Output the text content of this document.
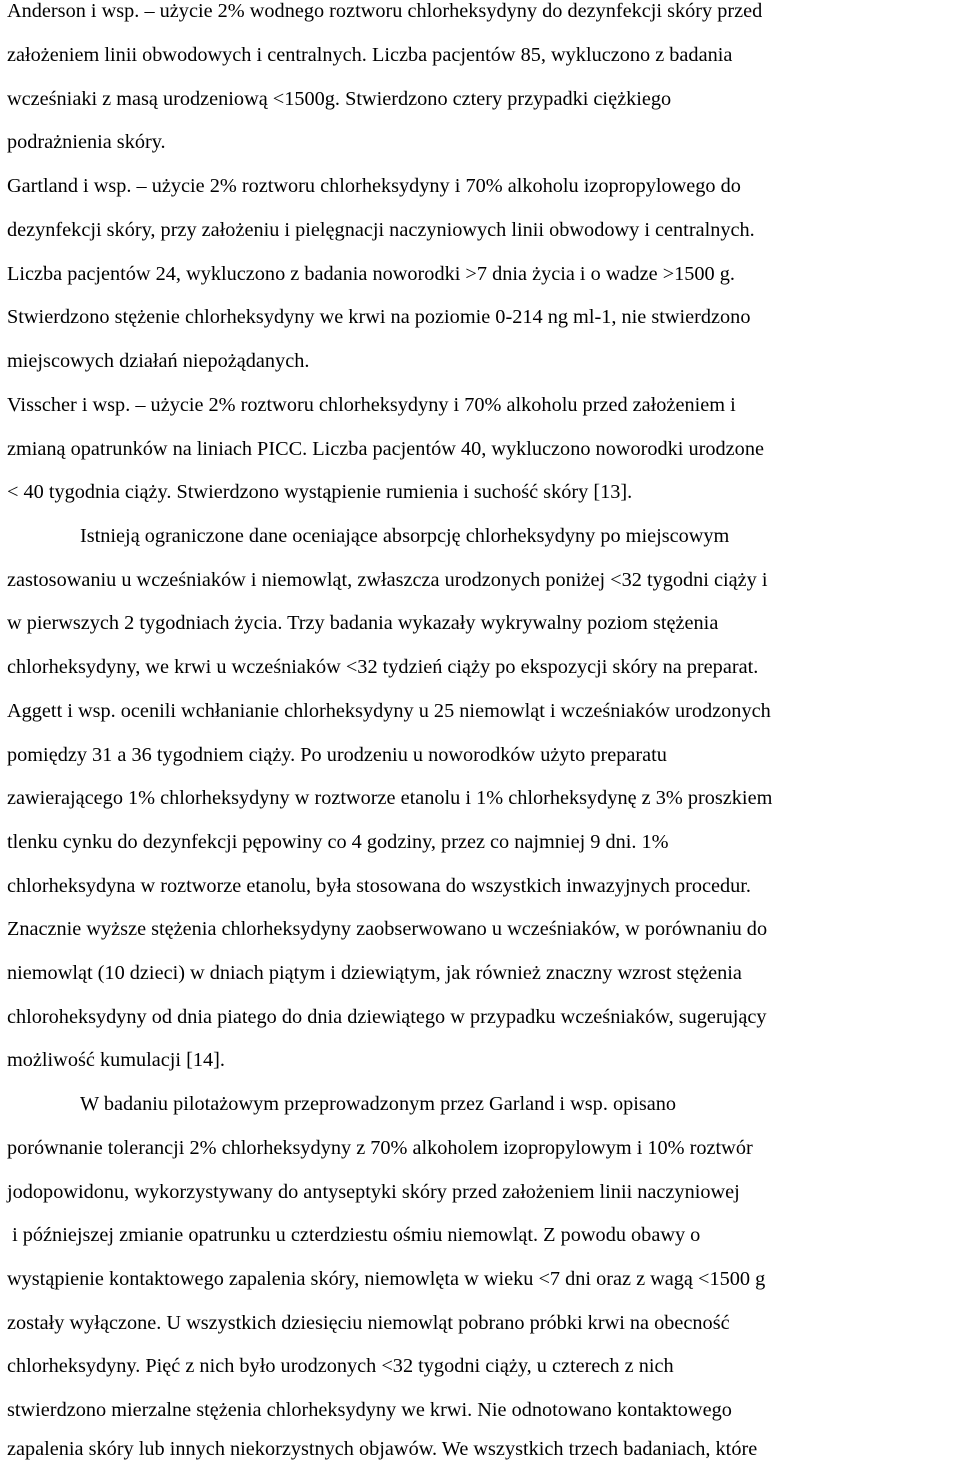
Anderson i wsp. – użycie 2% wodnego roztworu chlorheksydyny do dezynfekcji skóry przed

założeniem linii obwodowych i centralnych. Liczba pacjentów 85, wykluczono z badania

wcześniaki z masą urodzeniową <1500g. Stwierdzono cztery przypadki ciężkiego

podrażnienia skóry.

Gartland i wsp. – użycie 2% roztworu chlorheksydyny i 70% alkoholu izopropylowego do

dezynfekcji skóry, przy założeniu i pielęgnacji naczyniowych linii obwodowy i centralnych.

Liczba pacjentów 24, wykluczono z badania noworodki >7 dnia życia i o wadze >1500 g.

Stwierdzono stężenie chlorheksydyny we krwi na poziomie 0-214 ng ml-1, nie stwierdzono

miejscowych działań niepożądanych.

Visscher i wsp. – użycie 2% roztworu chlorheksydyny i 70% alkoholu przed założeniem i

zmianą opatrunków na liniach PICC. Liczba pacjentów 40, wykluczono noworodki urodzone

< 40 tygodnia ciąży. Stwierdzono wystąpienie rumienia i suchość skóry [13].

Istnieją ograniczone dane oceniające absorpcję chlorheksydyny po miejscowym

zastosowaniu u wcześniaków i niemowląt, zwłaszcza urodzonych poniżej <32 tygodni ciąży i

w pierwszych 2 tygodniach życia. Trzy badania wykazały wykrywalny poziom stężenia

chlorheksydyny, we krwi u wcześniaków <32 tydzień ciąży po ekspozycji skóry na preparat.

Aggett i wsp. ocenili wchłanianie chlorheksydyny u 25 niemowląt i wcześniaków urodzonych

pomiędzy 31 a 36 tygodniem ciąży. Po urodzeniu u noworodków użyto preparatu

zawierającego 1% chlorheksydyny w roztworze etanolu i 1% chlorheksydynę z 3% proszkiem

tlenku cynku do dezynfekcji pępowiny co 4 godziny, przez co najmniej 9 dni. 1%

chlorheksydyna w roztworze etanolu, była stosowana do wszystkich inwazyjnych procedur.

Znacznie wyższe stężenia chlorheksydyny zaobserwowano u wcześniaków, w porównaniu do

niemowląt (10 dzieci) w dniach piątym i dziewiątym, jak również znaczny wzrost stężenia

chloroheksydyny od dnia piatego do dnia dziewiątego w przypadku wcześniaków, sugerujący

możliwość kumulacji [14].

W badaniu pilotażowym przeprowadzonym przez Garland i wsp. opisano

porównanie tolerancji 2% chlorheksydyny z 70% alkoholem izopropylowym i 10% roztwór

jodopowidonu, wykorzystywany do antyseptyki skóry przed założeniem linii naczyniowej

i późniejszej zmianie opatrunku u czterdziestu ośmiu niemowląt. Z powodu obawy o

wystąpienie kontaktowego zapalenia skóry, niemowlęta w wieku <7 dni oraz z wagą <1500 g

zostały wyłączone. U wszystkich dziesięciu niemowląt pobrano próbki krwi na obecność

chlorheksydyny. Pięć z nich było urodzonych <32 tygodni ciąży, u czterech z nich

stwierdzono mierzalne stężenia chlorheksydyny we krwi. Nie odnotowano kontaktowego

zapalenia skóry lub innych niekorzystnych objawów. We wszystkich trzech badaniach, które
